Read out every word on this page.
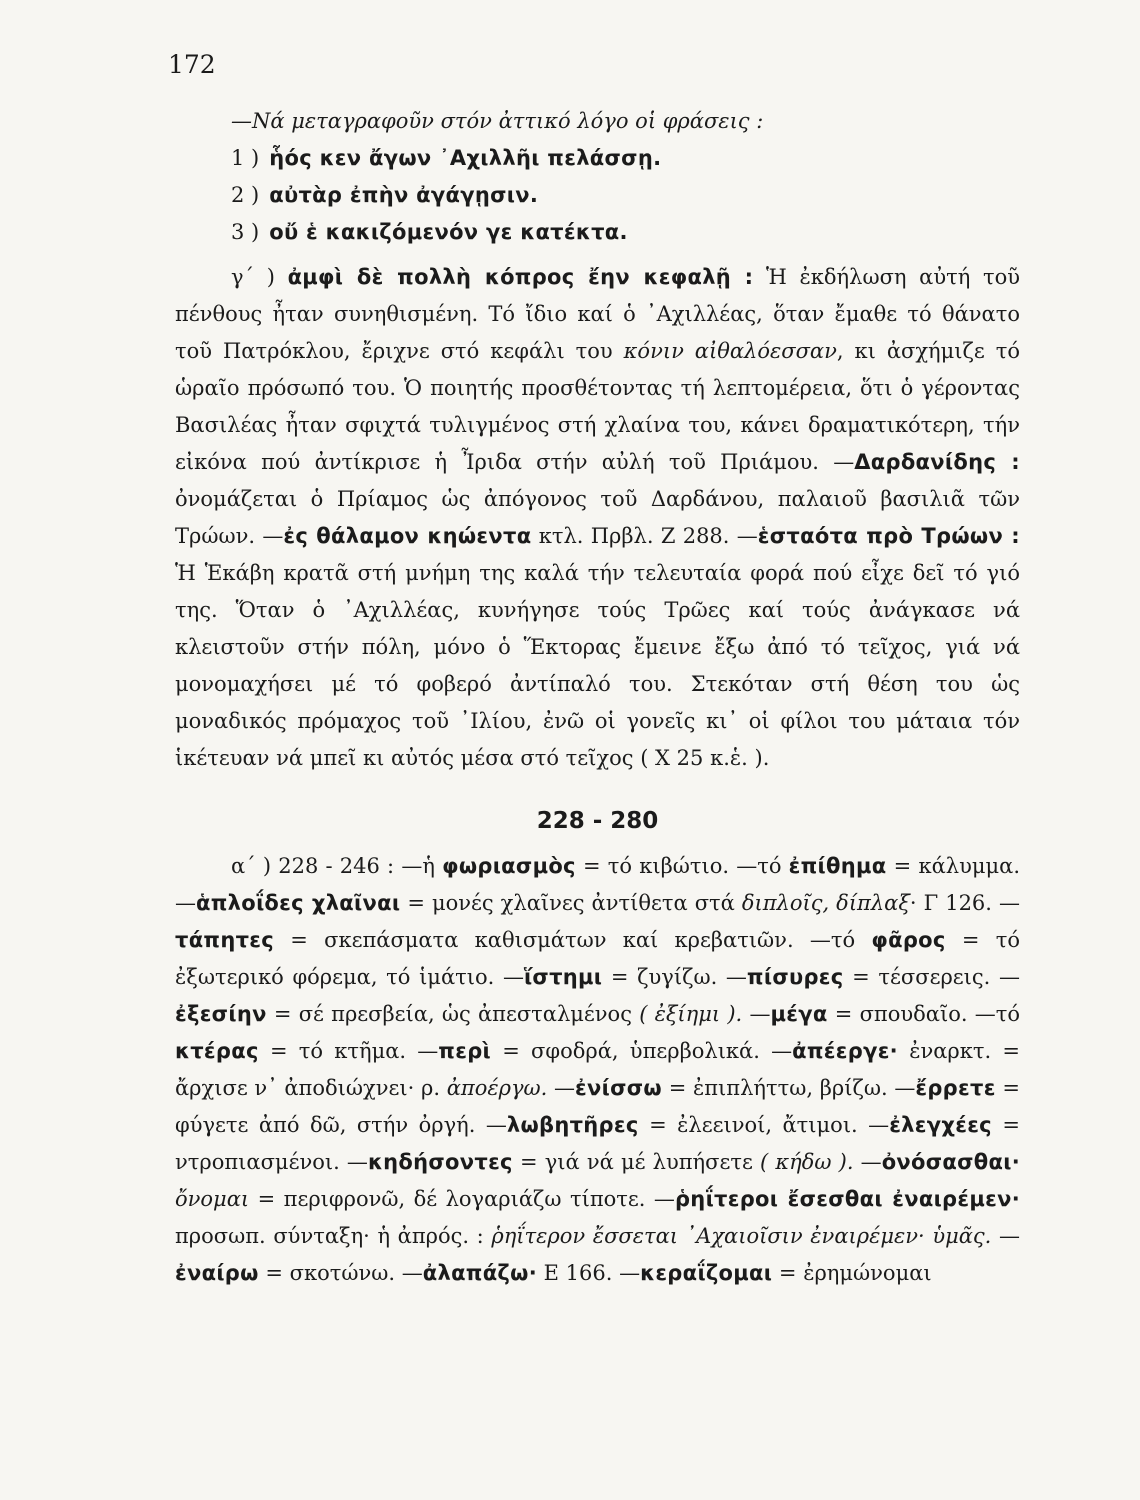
172

—Νά μεταγραφοῦν στόν ἀττικό λόγο οἱ φράσεις :

1 ) ἧός κεν ἄγων ᾿Αχιλλῆι πελάσσῃ.

2 ) αὐτὰρ ἐπὴν ἀγάγῃσιν.

3 ) οὔ ἑ κακιζόμενόν γε κατέκτα.

γ΄ ) ἀμφὶ δὲ πολλὴ κόπρος ἔην κεφαλῇ : Ἡ ἐκδήλωση αὐτή τοῦ πένθους ἦταν συνηθισμένη. Τό ἴδιο καί ὁ ᾿Αχιλλέας, ὅταν ἔμαθε τό θάνατο τοῦ Πατρόκλου, ἔριχνε στό κεφάλι του κόνιν αἰθαλόεσσαν, κι ἀσχήμιζε τό ὡραῖο πρόσωπό του. Ὁ ποιητής προσθέτοντας τή λεπτομέρεια, ὅτι ὁ γέροντας Βασιλέας ἦταν σφιχτά τυλιγμένος στή χλαίνα του, κάνει δραματικότερη, τήν εἰκόνα πού ἀντίκρισε ἡ Ἶριδα στήν αὐλή τοῦ Πριάμου. —Δαρδανίδης : ὀνομάζεται ὁ Πρίαμος ὡς ἀπόγονος τοῦ Δαρδάνου, παλαιοῦ βασιλιᾶ τῶν Τρώων. —ἐς θάλαμον κηώεντα κτλ. Πρβλ. Ζ 288. —ἑσταότα πρὸ Τρώων : Ἡ Ἑκάβη κρατᾶ στή μνήμη της καλά τήν τελευταία φορά πού εἶχε δεῖ τό γιό της. Ὅταν ὁ ᾿Αχιλλέας, κυνήγησε τούς Τρῶες καί τούς ἀνάγκασε νά κλειστοῦν στήν πόλη, μόνο ὁ Ἕκτορας ἔμεινε ἔξω ἀπό τό τεῖχος, γιά νά μονομαχήσει μέ τό φοβερό ἀντίπαλό του. Στεκόταν στή θέση του ὡς μοναδικός πρόμαχος τοῦ ᾿Ιλίου, ἐνῶ οἱ γονεῖς κι᾿ οἱ φίλοι του μάταια τόν ἱκέτευαν νά μπεῖ κι αὐτός μέσα στό τεῖχος ( Χ 25 κ.ἑ. ).

228 - 280

α΄ ) 228 - 246 : —ἡ φωριασμὸς = τό κιβώτιο. —τό ἐπίθημα = κάλυμμα. —ἁπλοΐδες χλαῖναι = μονές χλαῖνες ἀντίθετα στά διπλοῖς, δίπλαξ· Γ 126. —τάπητες = σκεπάσματα καθισμάτων καί κρεβατιῶν. —τό φᾶρος = τό ἐξωτερικό φόρεμα, τό ἱμάτιο. —ἵστημι = ζυγίζω. —πίσυρες = τέσσερεις. —ἐξεσίην = σέ πρεσβεία, ὡς ἀπεσταλμένος ( ἐξίημι ). —μέγα = σπουδαῖο. —τό κτέρας = τό κτῆμα. —περὶ = σφοδρά, ὑπερβολικά. —ἀπέεργε· ἐναρκτ. = ἄρχισε ν᾿ ἀποδιώχνει· ρ. ἀποέργω. —ἐνίσσω = ἐπιπλήττω, βρίζω. —ἔρρετε = φύγετε ἀπό δῶ, στήν ὀργή. —λωβητῆρες = ἐλεεινοί, ἄτιμοι. —ἐλεγχέες = ντροπιασμένοι. —κηδήσοντες = γιά νά μέ λυπήσετε ( κήδω ). —ὀνόσασθαι· ὄνομαι = περιφρονῶ, δέ λογαριάζω τίποτε. —ῥηΐτεροι ἔσεσθαι ἐναιρέμεν· προσωπ. σύνταξη· ἡ ἀπρός. : ῥηΐτερον ἔσσεται ᾿Αχαιοῖσιν ἐναιρέμεν· ὑμᾶς. —ἐναίρω = σκοτώνω. —ἀλαπάζω· Ε 166. —κεραΐζομαι = ἐρημώνομαι
